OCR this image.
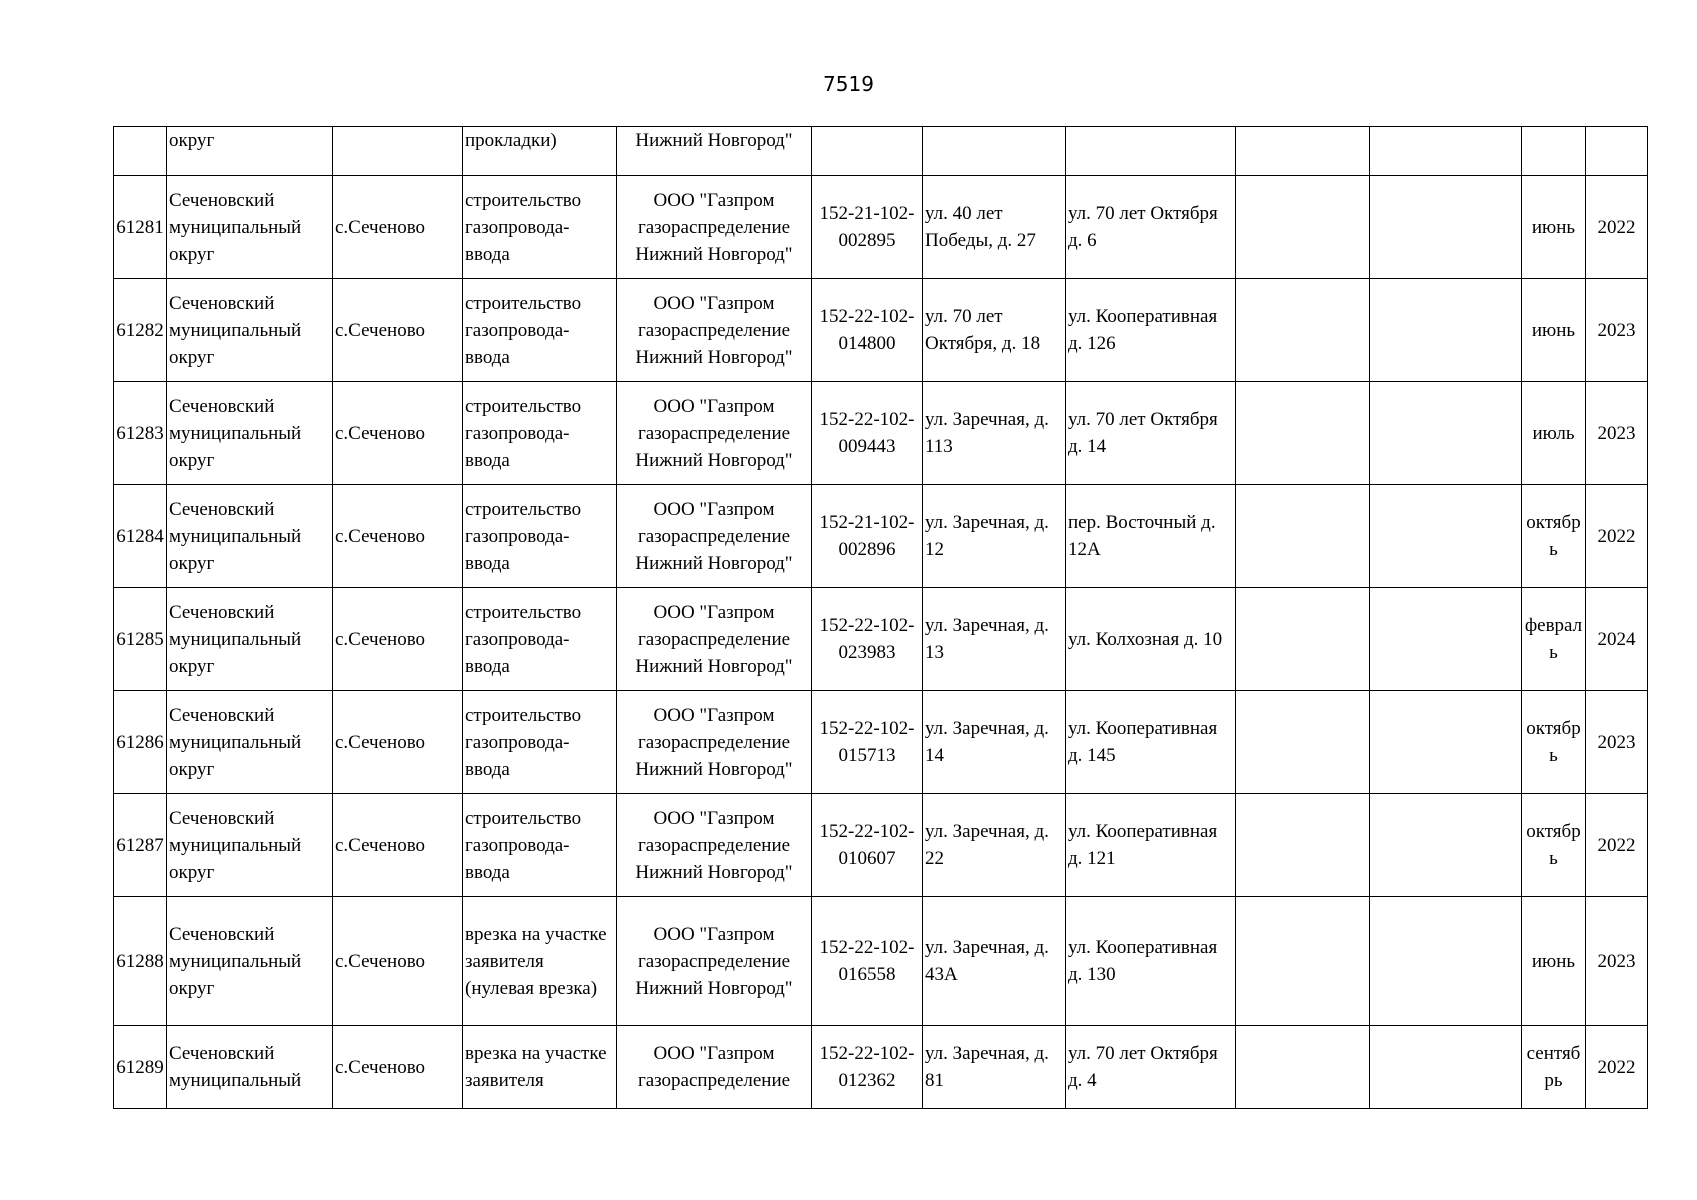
7519

	округ		прокладки)	Нижний Новгород"							

61281	Сеченовский муниципальный округ	с.Сеченово	строительство газопровода-ввода	ООО "Газпром газораспределение Нижний Новгород"	152-21-102-002895	ул. 40 лет Победы, д. 27	ул. 70 лет Октября д. 6			июнь	2022

61282	Сеченовский муниципальный округ	с.Сеченово	строительство газопровода-ввода	ООО "Газпром газораспределение Нижний Новгород"	152-22-102-014800	ул. 70 лет Октября, д. 18	ул. Кооперативная д. 126			июнь	2023

61283	Сеченовский муниципальный округ	с.Сеченово	строительство газопровода-ввода	ООО "Газпром газораспределение Нижний Новгород"	152-22-102-009443	ул. Заречная, д. 113	ул. 70 лет Октября д. 14			июль	2023

61284	Сеченовский муниципальный округ	с.Сеченово	строительство газопровода-ввода	ООО "Газпром газораспределение Нижний Новгород"	152-21-102-002896	ул. Заречная, д. 12	пер. Восточный д. 12А			октябрь	2022

61285	Сеченовский муниципальный округ	с.Сеченово	строительство газопровода-ввода	ООО "Газпром газораспределение Нижний Новгород"	152-22-102-023983	ул. Заречная, д. 13	ул. Колхозная д. 10			февраль	2024

61286	Сеченовский муниципальный округ	с.Сеченово	строительство газопровода-ввода	ООО "Газпром газораспределение Нижний Новгород"	152-22-102-015713	ул. Заречная, д. 14	ул. Кооперативная д. 145			октябрь	2023

61287	Сеченовский муниципальный округ	с.Сеченово	строительство газопровода-ввода	ООО "Газпром газораспределение Нижний Новгород"	152-22-102-010607	ул. Заречная, д. 22	ул. Кооперативная д. 121			октябрь	2022

61288	Сеченовский муниципальный округ	с.Сеченово	врезка на участке заявителя (нулевая врезка)	ООО "Газпром газораспределение Нижний Новгород"	152-22-102-016558	ул. Заречная, д. 43А	ул. Кооперативная д. 130			июнь	2023

61289	Сеченовский муниципальный	с.Сеченово	врезка на участке заявителя	ООО "Газпром газораспределение	152-22-102-012362	ул. Заречная, д. 81	ул. 70 лет Октября д. 4			сентябрь	2022
